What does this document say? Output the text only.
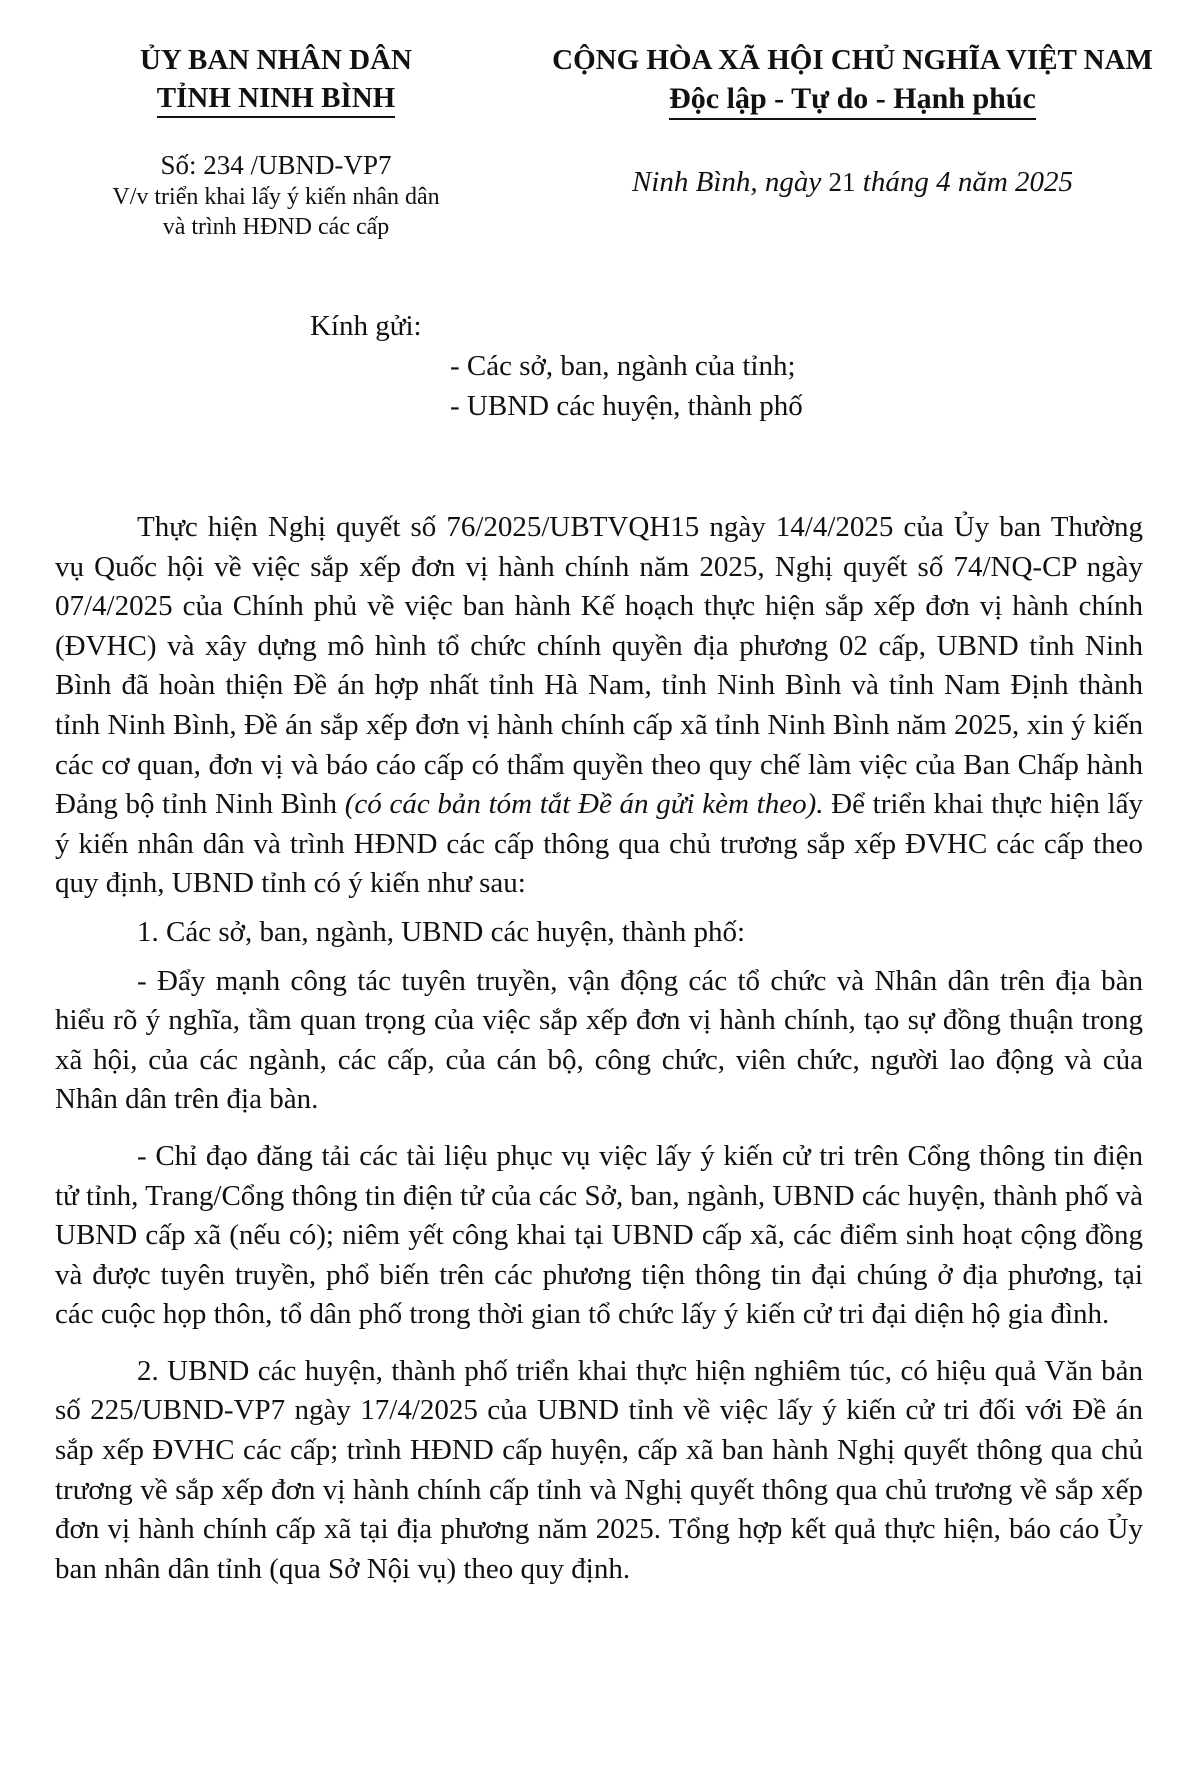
ỦY BAN NHÂN DÂN
TỈNH NINH BÌNH
Số: 234 /UBND-VP7
V/v triển khai lấy ý kiến nhân dân
và trình HĐND các cấp
CỘNG HÒA XÃ HỘI CHỦ NGHĨA VIỆT NAM
Độc lập - Tự do - Hạnh phúc
Ninh Bình, ngày 21 tháng 4 năm 2025
Kính gửi:
- Các sở, ban, ngành của tỉnh;
- UBND các huyện, thành phố

Thực hiện Nghị quyết số 76/2025/UBTVQH15 ngày 14/4/2025 của Ủy ban Thường vụ Quốc hội về việc sắp xếp đơn vị hành chính năm 2025, Nghị quyết số 74/NQ-CP ngày 07/4/2025 của Chính phủ về việc ban hành Kế hoạch thực hiện sắp xếp đơn vị hành chính (ĐVHC) và xây dựng mô hình tổ chức chính quyền địa phương 02 cấp, UBND tỉnh Ninh Bình đã hoàn thiện Đề án hợp nhất tỉnh Hà Nam, tỉnh Ninh Bình và tỉnh Nam Định thành tỉnh Ninh Bình, Đề án sắp xếp đơn vị hành chính cấp xã tỉnh Ninh Bình năm 2025, xin ý kiến các cơ quan, đơn vị và báo cáo cấp có thẩm quyền theo quy chế làm việc của Ban Chấp hành Đảng bộ tỉnh Ninh Bình (có các bản tóm tắt Đề án gửi kèm theo). Để triển khai thực hiện lấy ý kiến nhân dân và trình HĐND các cấp thông qua chủ trương sắp xếp ĐVHC các cấp theo quy định, UBND tỉnh có ý kiến như sau:

1. Các sở, ban, ngành, UBND các huyện, thành phố:

- Đẩy mạnh công tác tuyên truyền, vận động các tổ chức và Nhân dân trên địa bàn hiểu rõ ý nghĩa, tầm quan trọng của việc sắp xếp đơn vị hành chính, tạo sự đồng thuận trong xã hội, của các ngành, các cấp, của cán bộ, công chức, viên chức, người lao động và của Nhân dân trên địa bàn.

- Chỉ đạo đăng tải các tài liệu phục vụ việc lấy ý kiến cử tri trên Cổng thông tin điện tử tỉnh, Trang/Cổng thông tin điện tử của các Sở, ban, ngành, UBND các huyện, thành phố và UBND cấp xã (nếu có); niêm yết công khai tại UBND cấp xã, các điểm sinh hoạt cộng đồng và được tuyên truyền, phổ biến trên các phương tiện thông tin đại chúng ở địa phương, tại các cuộc họp thôn, tổ dân phố trong thời gian tổ chức lấy ý kiến cử tri đại diện hộ gia đình.

2. UBND các huyện, thành phố triển khai thực hiện nghiêm túc, có hiệu quả Văn bản số 225/UBND-VP7 ngày 17/4/2025 của UBND tỉnh về việc lấy ý kiến cử tri đối với Đề án sắp xếp ĐVHC các cấp; trình HĐND cấp huyện, cấp xã ban hành Nghị quyết thông qua chủ trương về sắp xếp đơn vị hành chính cấp tỉnh và Nghị quyết thông qua chủ trương về sắp xếp đơn vị hành chính cấp xã tại địa phương năm 2025. Tổng hợp kết quả thực hiện, báo cáo Ủy ban nhân dân tỉnh (qua Sở Nội vụ) theo quy định.
